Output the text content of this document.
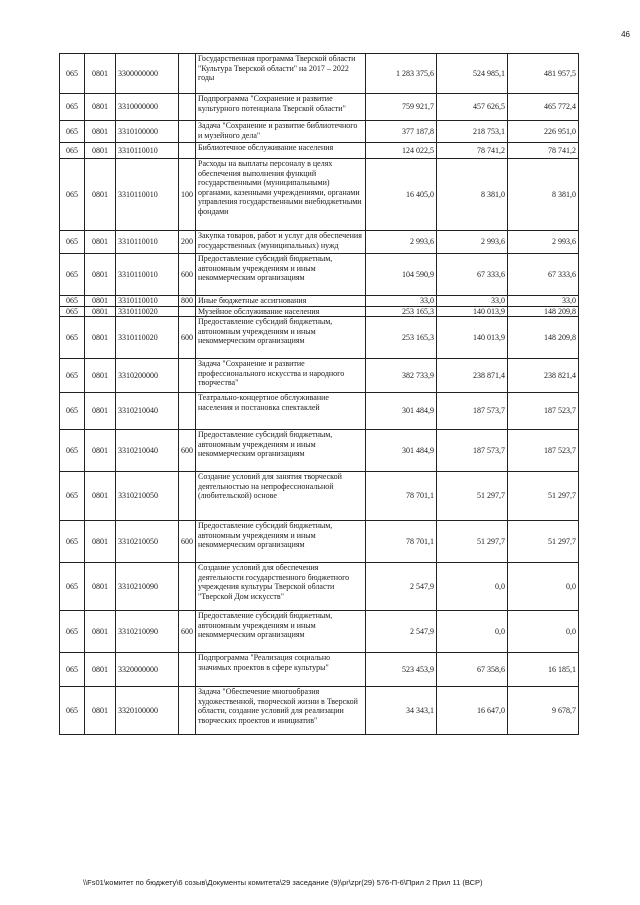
46
065	0801	3300000000		Государственная программа Тверской области "Культура Тверской области" на 2017 – 2022 годы	1 283 375,6	524 985,1	481 957,5
065	0801	3310000000		Подпрограмма "Сохранение и развитие культурного потенциала Тверской области"	759 921,7	457 626,5	465 772,4
065	0801	3310100000		Задача "Сохранение и развитие библиотечного и музейного дела"	377 187,8	218 753,1	226 951,0
065	0801	3310110010		Библиотечное обслуживание населения	124 022,5	78 741,2	78 741,2
065	0801	3310110010	100	Расходы на выплаты персоналу в целях обеспечения выполнения функций государственными (муниципальными) органами, казенными учреждениями, органами управления государственными внебюджетными фондами	16 405,0	8 381,0	8 381,0
065	0801	3310110010	200	Закупка товаров, работ и услуг для обеспечения государственных (муниципальных) нужд	2 993,6	2 993,6	2 993,6
065	0801	3310110010	600	Предоставление субсидий бюджетным, автономным учреждениям и иным некоммерческим организациям	104 590,9	67 333,6	67 333,6
065	0801	3310110010	800	Иные бюджетные ассигнования	33,0	33,0	33,0
065	0801	3310110020		Музейное обслуживание населения	253 165,3	140 013,9	148 209,8
065	0801	3310110020	600	Предоставление субсидий бюджетным, автономным учреждениям и иным некоммерческим организациям	253 165,3	140 013,9	148 209,8
065	0801	3310200000		Задача "Сохранение и развитие профессионального искусства и народного творчества"	382 733,9	238 871,4	238 821,4
065	0801	3310210040		Театрально-концертное обслуживание населения и постановка спектаклей	301 484,9	187 573,7	187 523,7
065	0801	3310210040	600	Предоставление субсидий бюджетным, автономным учреждениям и иным некоммерческим организациям	301 484,9	187 573,7	187 523,7
065	0801	3310210050		Создание условий для занятия творческой деятельностью на непрофессиональной (любительской) основе	78 701,1	51 297,7	51 297,7
065	0801	3310210050	600	Предоставление субсидий бюджетным, автономным учреждениям и иным некоммерческим организациям	78 701,1	51 297,7	51 297,7
065	0801	3310210090		Создание условий для обеспечения деятельности государственного бюджетного учреждения культуры Тверской области "Тверской Дом искусств"	2 547,9	0,0	0,0
065	0801	3310210090	600	Предоставление субсидий бюджетным, автономным учреждениям и иным некоммерческим организациям	2 547,9	0,0	0,0
065	0801	3320000000		Подпрограмма "Реализация социально значимых проектов в сфере культуры"	523 453,9	67 358,6	16 185,1
065	0801	3320100000		Задача "Обеспечение многообразия художественной, творческой жизни в Тверской области, создание условий для реализации творческих проектов и инициатив"	34 343,1	16 647,0	9 678,7
\\Fs01\комитет по бюджету\6 созыв\Документы комитета\29 заседание (9)\pr\zpr(29) 576-П-6\Прил 2 Прил 11 (ВСР)
